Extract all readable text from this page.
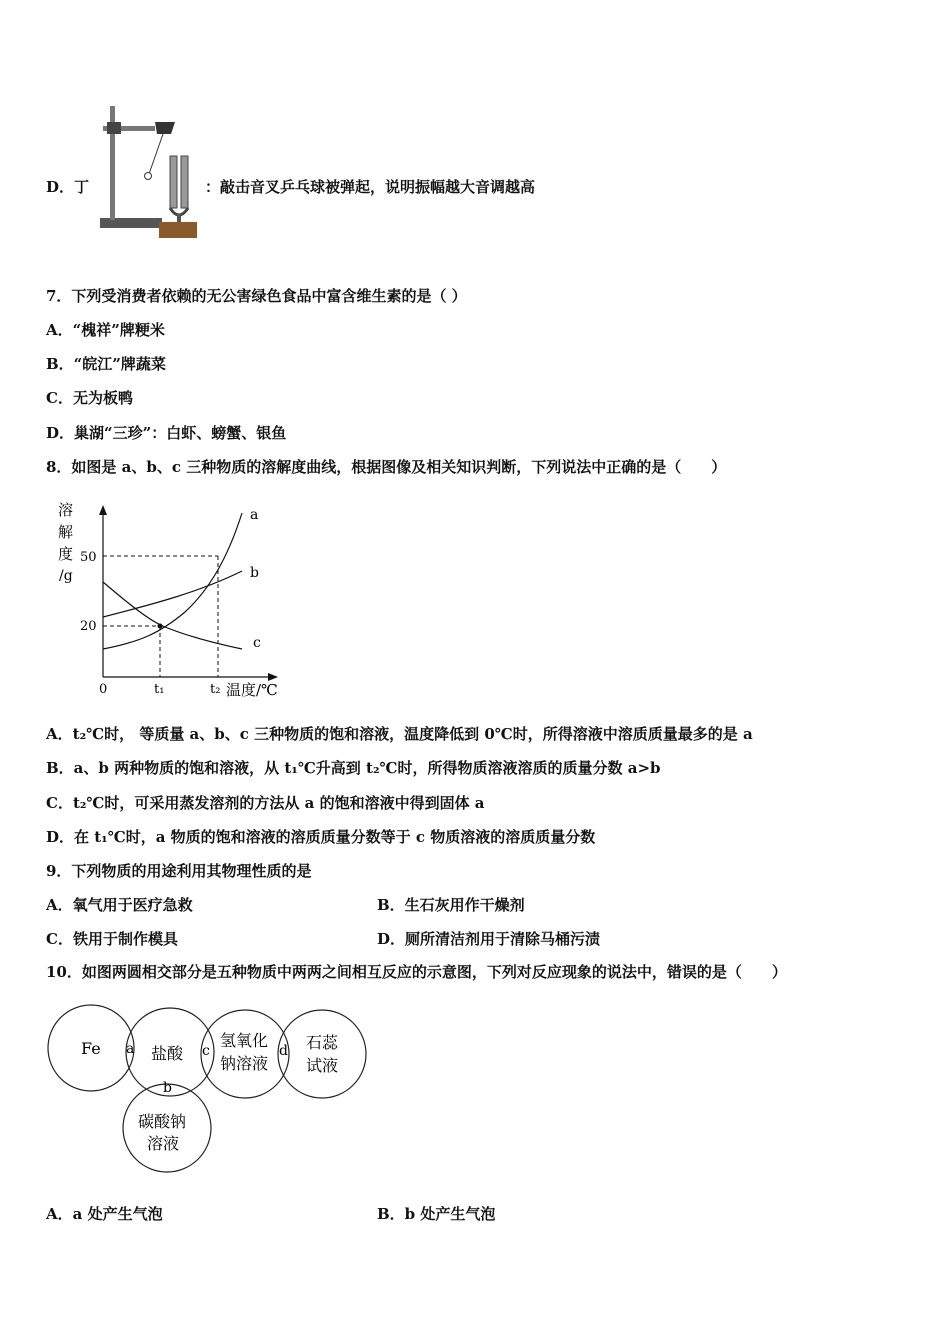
D．丁	：敲击音叉乒乓球被弹起，说明振幅越大音调越高
7．下列受消费者依赖的无公害绿色食品中富含维生素的是（ ）
A．“槐祥”牌粳米
B．“皖江”牌蔬菜
C．无为板鸭
D．巢湖“三珍”：白虾、螃蟹、银鱼
8．如图是 a、b、c 三种物质的溶解度曲线，根据图像及相关知识判断，下列说法中正确的是（　　）
溶
解
度
/g
50
20
0	t₁	t₂ 温度/℃
a
b
c
A．t₂℃时， 等质量 a、b、c 三种物质的饱和溶液，温度降低到 0℃时，所得溶液中溶质质量最多的是 a
B．a、b 两种物质的饱和溶液，从 t₁℃升高到 t₂℃时，所得物质溶液溶质的质量分数 a>b
C．t₂℃时，可采用蒸发溶剂的方法从 a 的饱和溶液中得到固体 a
D．在 t₁℃时，a 物质的饱和溶液的溶质质量分数等于 c 物质溶液的溶质质量分数
9．下列物质的用途利用其物理性质的是
A．氧气用于医疗急救	B．生石灰用作干燥剂
C．铁用于制作模具	D．厕所清洁剂用于清除马桶污渍
10．如图两圆相交部分是五种物质中两两之间相互反应的示意图，下列对反应现象的说法中，错误的是（　　）
Fe	盐酸
氢氧化
钠溶液
石蕊
试液
碳酸钠
溶液
a
b
c	d
A．a 处产生气泡	B．b 处产生气泡
